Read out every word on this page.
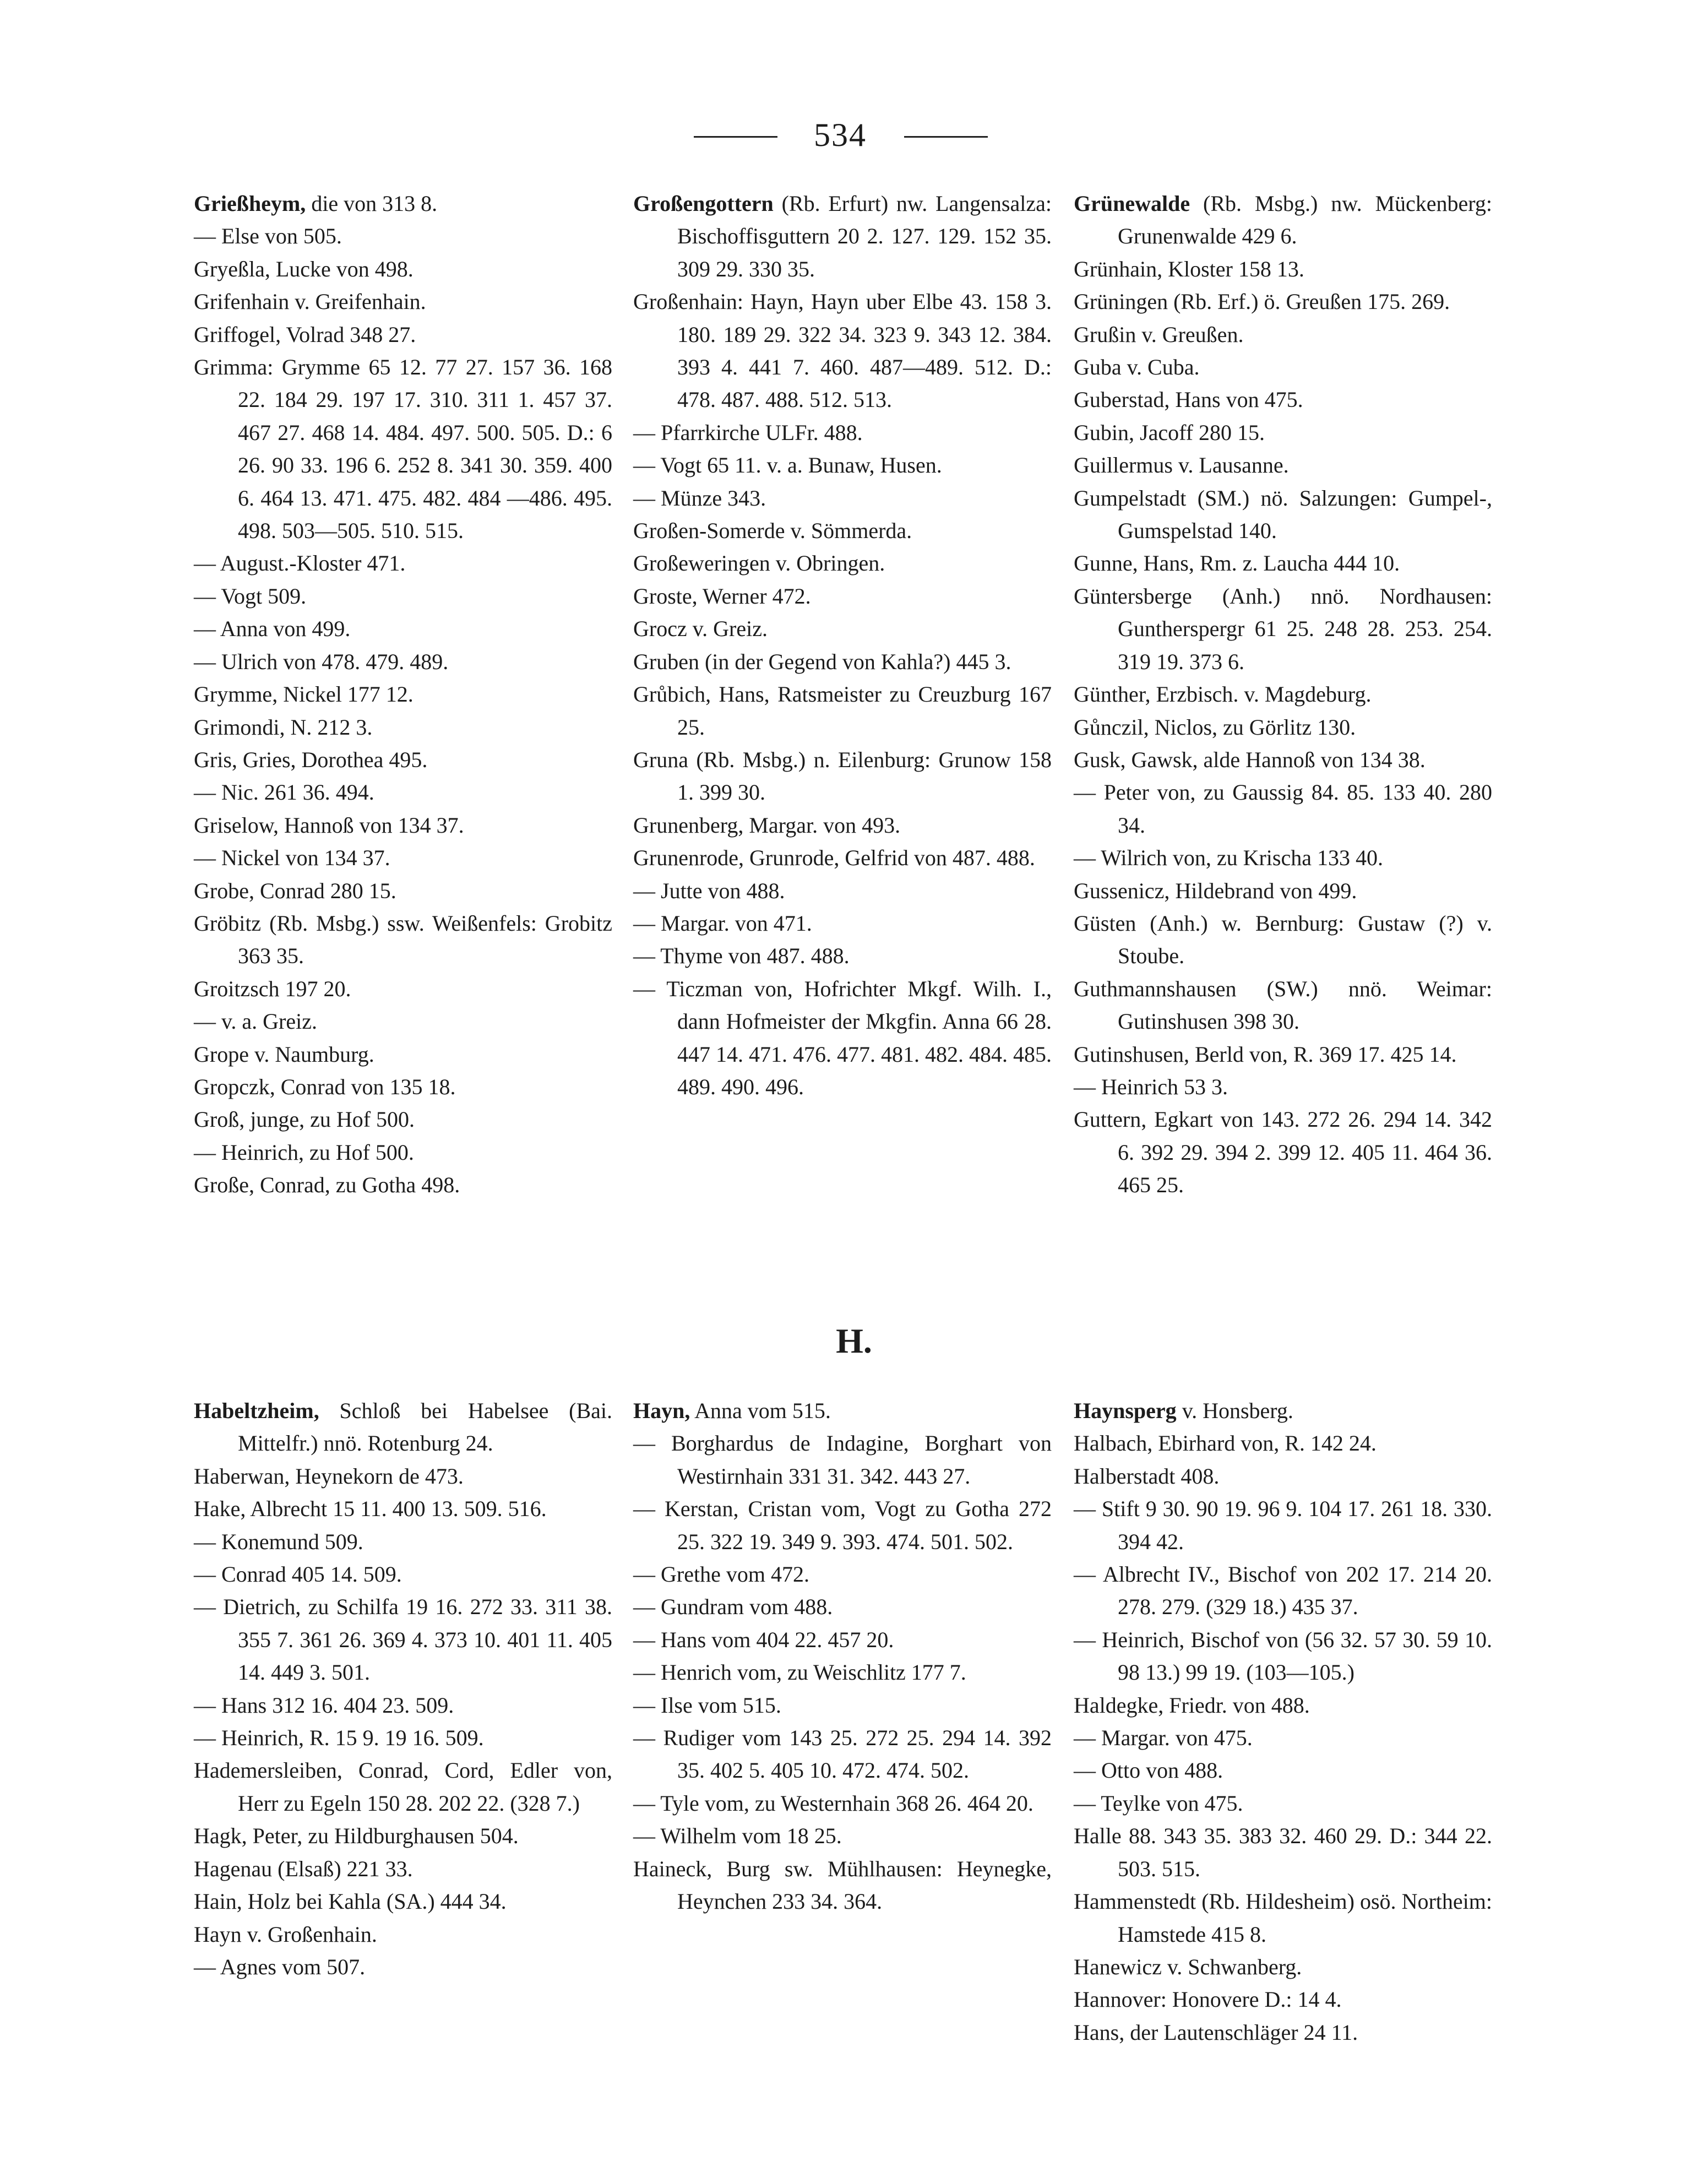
534
Grießheym, die von 313 8.
— Else von 505.
Gryeßla, Lucke von 498.
Grifenhain v. Greifenhain.
Griffogel, Volrad 348 27.
Grimma: Grymme 65 12. 77 27. 157 36. 168 22. 184 29. 197 17. 310. 311 1. 457 37. 467 27. 468 14. 484. 497. 500. 505. D.: 6 26. 90 33. 196 6. 252 8. 341 30. 359. 400 6. 464 13. 471. 475. 482. 484 —486. 495. 498. 503—505. 510. 515.
— August.-Kloster 471.
— Vogt 509.
— Anna von 499.
— Ulrich von 478. 479. 489.
Grymme, Nickel 177 12.
Grimondi, N. 212 3.
Gris, Gries, Dorothea 495.
— Nic. 261 36. 494.
Griselow, Hannoß von 134 37.
— Nickel von 134 37.
Grobe, Conrad 280 15.
Gröbitz (Rb. Msbg.) ssw. Weißenfels: Grobitz 363 35.
Groitzsch 197 20.
— v. a. Greiz.
Grope v. Naumburg.
Gropczk, Conrad von 135 18.
Groß, junge, zu Hof 500.
— Heinrich, zu Hof 500.
Große, Conrad, zu Gotha 498.
Großengottern (Rb. Erfurt) nw. Langensalza: Bischoffisguttern 20 2. 127. 129. 152 35. 309 29. 330 35.
Großenhain: Hayn, Hayn uber Elbe 43. 158 3. 180. 189 29. 322 34. 323 9. 343 12. 384. 393 4. 441 7. 460. 487—489. 512. D.: 478. 487. 488. 512. 513.
— Pfarrkirche ULFr. 488.
— Vogt 65 11. v. a. Bunaw, Husen.
— Münze 343.
Großen-Somerde v. Sömmerda.
Großeweringen v. Obringen.
Groste, Werner 472.
Grocz v. Greiz.
Gruben (in der Gegend von Kahla?) 445 3.
Grůbich, Hans, Ratsmeister zu Creuzburg 167 25.
Gruna (Rb. Msbg.) n. Eilenburg: Grunow 158 1. 399 30.
Grunenberg, Margar. von 493.
Grunenrode, Grunrode, Gelfrid von 487. 488.
— Jutte von 488.
— Margar. von 471.
— Thyme von 487. 488.
— Ticzman von, Hofrichter Mkgf. Wilh. I., dann Hofmeister der Mkgfin. Anna 66 28. 447 14. 471. 476. 477. 481. 482. 484. 485. 489. 490. 496.
Grünewalde (Rb. Msbg.) nw. Mückenberg: Grunenwalde 429 6.
Grünhain, Kloster 158 13.
Grüningen (Rb. Erf.) ö. Greußen 175. 269.
Grußin v. Greußen.
Guba v. Cuba.
Guberstad, Hans von 475.
Gubin, Jacoff 280 15.
Guillermus v. Lausanne.
Gumpelstadt (SM.) nö. Salzungen: Gumpel-, Gumspelstad 140.
Gunne, Hans, Rm. z. Laucha 444 10.
Güntersberge (Anh.) nnö. Nordhausen: Guntherspergr 61 25. 248 28. 253. 254. 319 19. 373 6.
Günther, Erzbisch. v. Magdeburg.
Gůnczil, Niclos, zu Görlitz 130.
Gusk, Gawsk, alde Hannoß von 134 38.
— Peter von, zu Gaussig 84. 85. 133 40. 280 34.
— Wilrich von, zu Krischa 133 40.
Gussenicz, Hildebrand von 499.
Güsten (Anh.) w. Bernburg: Gustaw (?) v. Stoube.
Guthmannshausen (SW.) nnö. Weimar: Gutinshusen 398 30.
Gutinshusen, Berld von, R. 369 17. 425 14.
— Heinrich 53 3.
Guttern, Egkart von 143. 272 26. 294 14. 342 6. 392 29. 394 2. 399 12. 405 11. 464 36. 465 25.
H.
Habeltzheim, Schloß bei Habelsee (Bai. Mittelfr.) nnö. Rotenburg 24.
Haberwan, Heynekorn de 473.
Hake, Albrecht 15 11. 400 13. 509. 516.
— Konemund 509.
— Conrad 405 14. 509.
— Dietrich, zu Schilfa 19 16. 272 33. 311 38. 355 7. 361 26. 369 4. 373 10. 401 11. 405 14. 449 3. 501.
— Hans 312 16. 404 23. 509.
— Heinrich, R. 15 9. 19 16. 509.
Hademersleiben, Conrad, Cord, Edler von, Herr zu Egeln 150 28. 202 22. (328 7.)
Hagk, Peter, zu Hildburghausen 504.
Hagenau (Elsaß) 221 33.
Hain, Holz bei Kahla (SA.) 444 34.
Hayn v. Großenhain.
— Agnes vom 507.
Hayn, Anna vom 515.
— Borghardus de Indagine, Borghart von Westirnhain 331 31. 342. 443 27.
— Kerstan, Cristan vom, Vogt zu Gotha 272 25. 322 19. 349 9. 393. 474. 501. 502.
— Grethe vom 472.
— Gundram vom 488.
— Hans vom 404 22. 457 20.
— Henrich vom, zu Weischlitz 177 7.
— Ilse vom 515.
— Rudiger vom 143 25. 272 25. 294 14. 392 35. 402 5. 405 10. 472. 474. 502.
— Tyle vom, zu Westernhain 368 26. 464 20.
— Wilhelm vom 18 25.
Haineck, Burg sw. Mühlhausen: Heynegke, Heynchen 233 34. 364.
Haynsperg v. Honsberg.
Halbach, Ebirhard von, R. 142 24.
Halberstadt 408.
— Stift 9 30. 90 19. 96 9. 104 17. 261 18. 330. 394 42.
— Albrecht IV., Bischof von 202 17. 214 20. 278. 279. (329 18.) 435 37.
— Heinrich, Bischof von (56 32. 57 30. 59 10. 98 13.) 99 19. (103—105.)
Haldegke, Friedr. von 488.
— Margar. von 475.
— Otto von 488.
— Teylke von 475.
Halle 88. 343 35. 383 32. 460 29. D.: 344 22. 503. 515.
Hammenstedt (Rb. Hildesheim) osö. Northeim: Hamstede 415 8.
Hanewicz v. Schwanberg.
Hannover: Honovere D.: 14 4.
Hans, der Lautenschläger 24 11.
